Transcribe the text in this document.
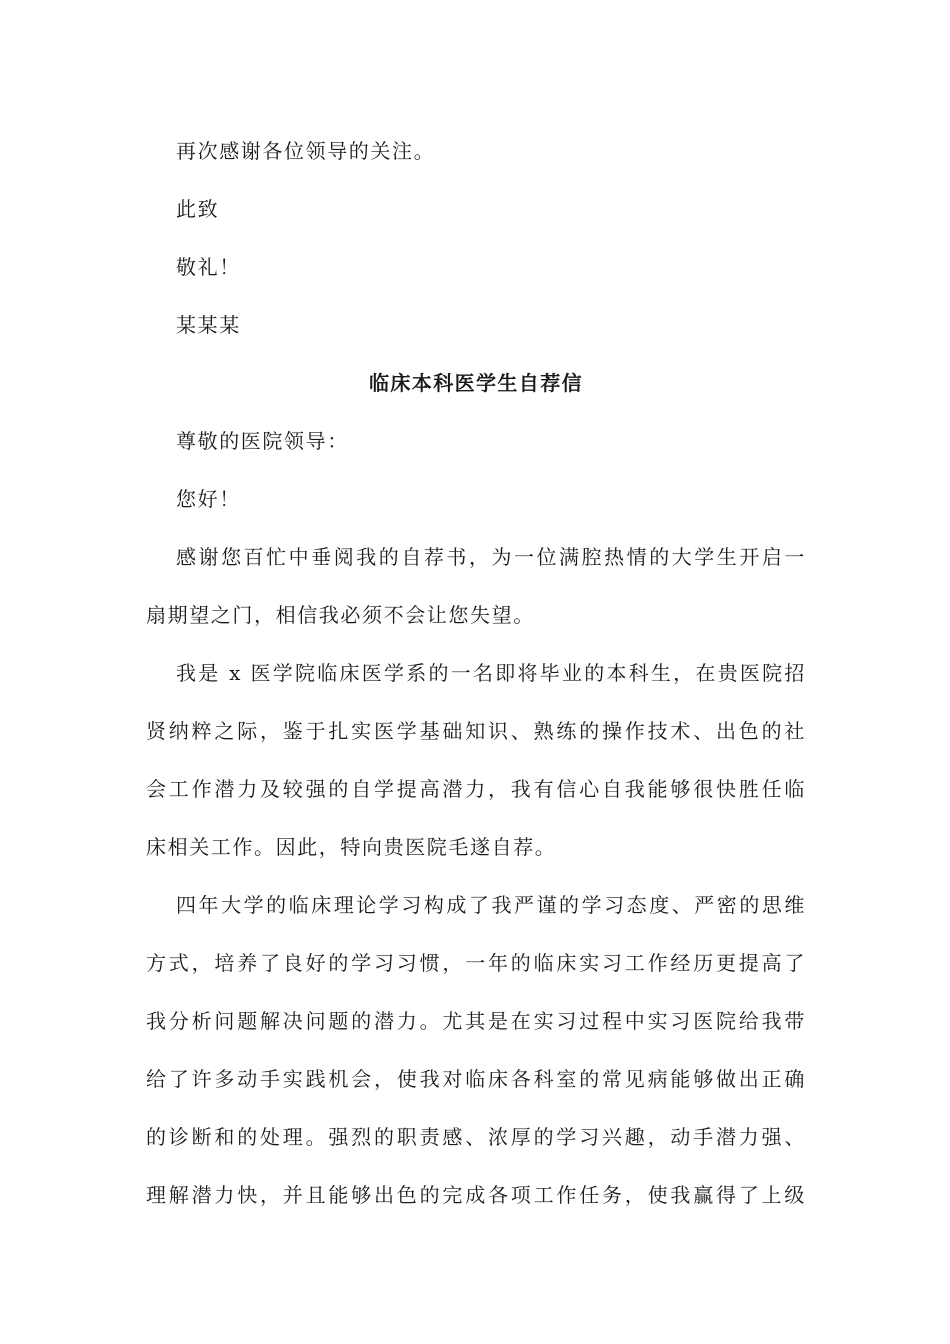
再次感谢各位领导的关注。
此致
敬礼！
某某某
临床本科医学生自荐信
尊敬的医院领导：
您好！
感谢您百忙中垂阅我的自荐书，为一位满腔热情的大学生开启一
扇期望之门，相信我必须不会让您失望。
我是 x 医学院临床医学系的一名即将毕业的本科生，在贵医院招
贤纳粹之际，鉴于扎实医学基础知识、熟练的操作技术、出色的社
会工作潜力及较强的自学提高潜力，我有信心自我能够很快胜任临
床相关工作。因此，特向贵医院毛遂自荐。
四年大学的临床理论学习构成了我严谨的学习态度、严密的思维
方式，培养了良好的学习习惯，一年的临床实习工作经历更提高了
我分析问题解决问题的潜力。尤其是在实习过程中实习医院给我带
给了许多动手实践机会，使我对临床各科室的常见病能够做出正确
的诊断和的处理。强烈的职责感、浓厚的学习兴趣，动手潜力强、
理解潜力快，并且能够出色的完成各项工作任务，使我赢得了上级
